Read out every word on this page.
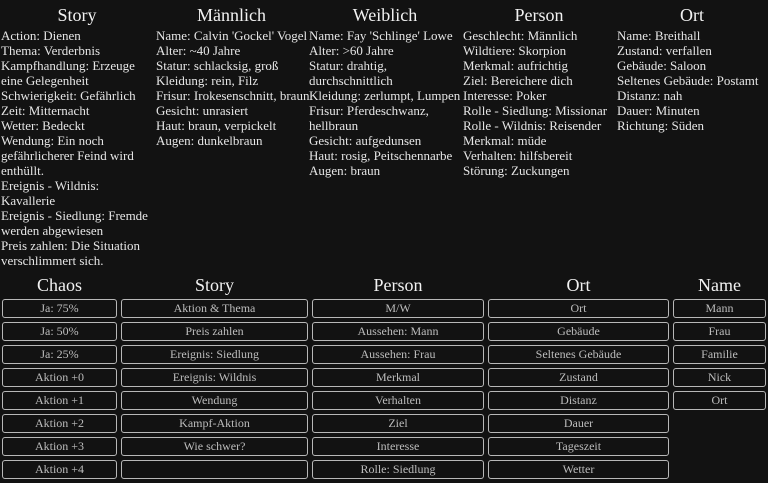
Story
Action: Dienen
Thema: Verderbnis
Kampfhandlung: Erzeuge eine Gelegenheit
Schwierigkeit: Gefährlich
Zeit: Mitternacht
Wetter: Bedeckt
Wendung: Ein noch gefährlicherer Feind wird enthüllt.
Ereignis - Wildnis: Kavallerie
Ereignis - Siedlung: Fremde werden abgewiesen
Preis zahlen: Die Situation verschlimmert sich.
Männlich
Name: Calvin 'Gockel' Vogel
Alter: ~40 Jahre
Statur: schlacksig, groß
Kleidung: rein, Filz
Frisur: Irokesenschnitt, braun
Gesicht: unrasiert
Haut: braun, verpickelt
Augen: dunkelbraun
Weiblich
Name: Fay 'Schlinge' Lowe
Alter: >60 Jahre
Statur: drahtig, durchschnittlich
Kleidung: zerlumpt, Lumpen
Frisur: Pferdeschwanz, hellbraun
Gesicht: aufgedunsen
Haut: rosig, Peitschennarbe
Augen: braun
Person
Geschlecht: Männlich
Wildtiere: Skorpion
Merkmal: aufrichtig
Ziel: Bereichere dich
Interesse: Poker
Rolle - Siedlung: Missionar
Rolle - Wildnis: Reisender
Merkmal: müde
Verhalten: hilfsbereit
Störung: Zuckungen
Ort
Name: Breithall
Zustand: verfallen
Gebäude: Saloon
Seltenes Gebäude: Postamt
Distanz: nah
Dauer: Minuten
Richtung: Süden
Chaos
Ja: 75%
Ja: 50%
Ja: 25%
Aktion +0
Aktion +1
Aktion +2
Aktion +3
Aktion +4
Story
Aktion & Thema
Preis zahlen
Ereignis: Siedlung
Ereignis: Wildnis
Wendung
Kampf-Aktion
Wie schwer?
Person
M/W
Aussehen: Mann
Aussehen: Frau
Merkmal
Verhalten
Ziel
Interesse
Rolle: Siedlung
Ort
Ort
Gebäude
Seltenes Gebäude
Zustand
Distanz
Dauer
Tageszeit
Wetter
Name
Mann
Frau
Familie
Nick
Ort
